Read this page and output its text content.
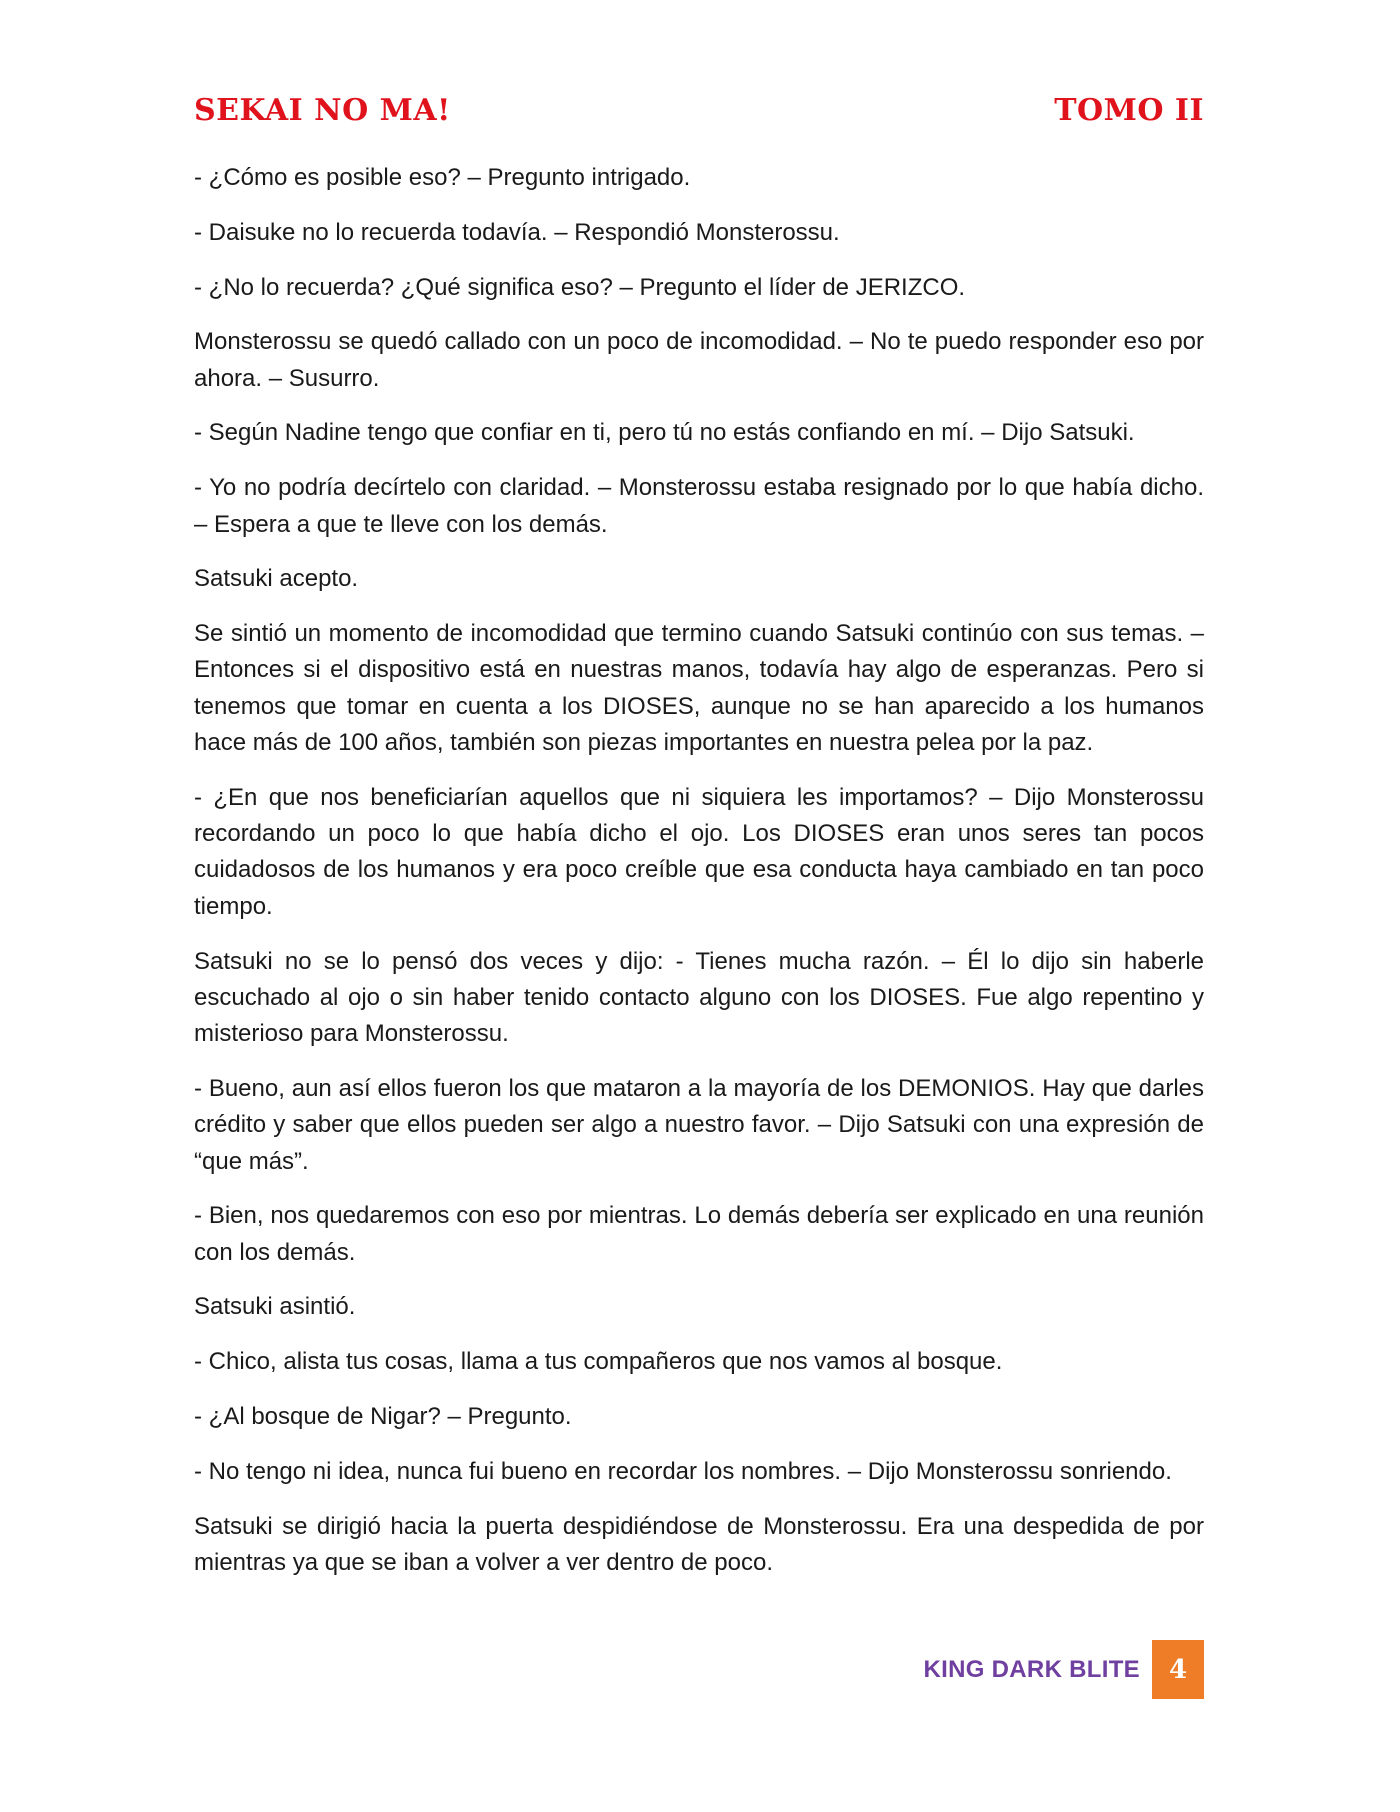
SEKAI NO MA!	TOMO II

- ¿Cómo es posible eso? – Pregunto intrigado.

- Daisuke no lo recuerda todavía. – Respondió Monsterossu.

- ¿No lo recuerda? ¿Qué significa eso? – Pregunto el líder de JERIZCO.

Monsterossu se quedó callado con un poco de incomodidad. – No te puedo responder eso por ahora. – Susurro.

- Según Nadine tengo que confiar en ti, pero tú no estás confiando en mí. – Dijo Satsuki.

- Yo no podría decírtelo con claridad. – Monsterossu estaba resignado por lo que había dicho. – Espera a que te lleve con los demás.

Satsuki acepto.

Se sintió un momento de incomodidad que termino cuando Satsuki continúo con sus temas. – Entonces si el dispositivo está en nuestras manos, todavía hay algo de esperanzas. Pero si tenemos que tomar en cuenta a los DIOSES, aunque no se han aparecido a los humanos hace más de 100 años, también son piezas importantes en nuestra pelea por la paz.

- ¿En que nos beneficiarían aquellos que ni siquiera les importamos? – Dijo Monsterossu recordando un poco lo que había dicho el ojo. Los DIOSES eran unos seres tan pocos cuidadosos de los humanos y era poco creíble que esa conducta haya cambiado en tan poco tiempo.

Satsuki no se lo pensó dos veces y dijo: - Tienes mucha razón. – Él lo dijo sin haberle escuchado al ojo o sin haber tenido contacto alguno con los DIOSES. Fue algo repentino y misterioso para Monsterossu.

- Bueno, aun así ellos fueron los que mataron a la mayoría de los DEMONIOS. Hay que darles crédito y saber que ellos pueden ser algo a nuestro favor. – Dijo Satsuki con una expresión de “que más”.

- Bien, nos quedaremos con eso por mientras. Lo demás debería ser explicado en una reunión con los demás.

Satsuki asintió.

- Chico, alista tus cosas, llama a tus compañeros que nos vamos al bosque.

- ¿Al bosque de Nigar? – Pregunto.

- No tengo ni idea, nunca fui bueno en recordar los nombres. – Dijo Monsterossu sonriendo.

Satsuki se dirigió hacia la puerta despidiéndose de Monsterossu. Era una despedida de por mientras ya que se iban a volver a ver dentro de poco.

KING DARK BLITE	4
